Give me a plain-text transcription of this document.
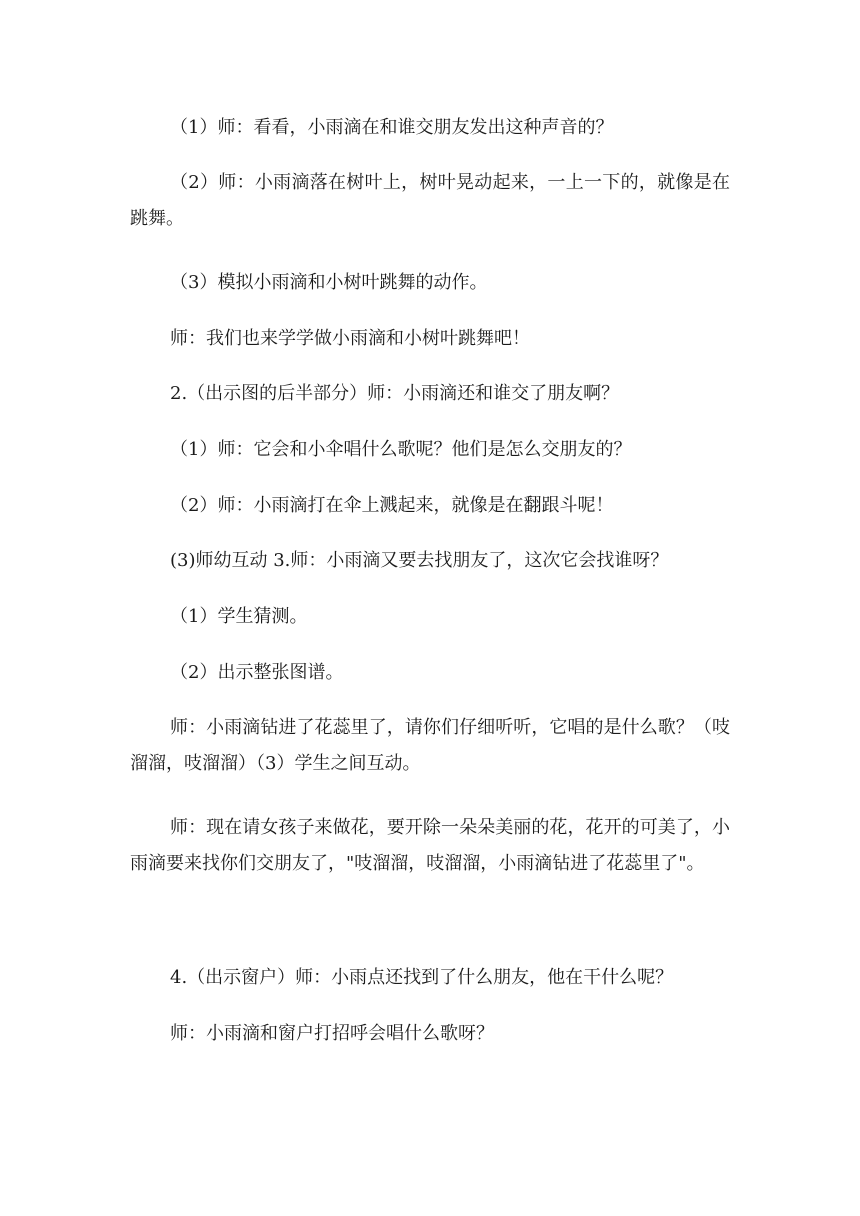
（1）师：看看，小雨滴在和谁交朋友发出这种声音的？

（2）师：小雨滴落在树叶上，树叶晃动起来，一上一下的，就像是在跳舞。

（3）模拟小雨滴和小树叶跳舞的动作。

师：我们也来学学做小雨滴和小树叶跳舞吧！

2.（出示图的后半部分）师：小雨滴还和谁交了朋友啊？

（1）师：它会和小伞唱什么歌呢？他们是怎么交朋友的？

（2）师：小雨滴打在伞上溅起来，就像是在翻跟斗呢！

(3)师幼互动 3.师：小雨滴又要去找朋友了，这次它会找谁呀？

（1）学生猜测。

（2）出示整张图谱。

师：小雨滴钻进了花蕊里了，请你们仔细听听，它唱的是什么歌？（吱溜溜，吱溜溜）（3）学生之间互动。

师：现在请女孩子来做花，要开除一朵朵美丽的花，花开的可美了，小雨滴要来找你们交朋友了，"吱溜溜，吱溜溜，小雨滴钻进了花蕊里了"。

4.（出示窗户）师：小雨点还找到了什么朋友，他在干什么呢？

师：小雨滴和窗户打招呼会唱什么歌呀？
